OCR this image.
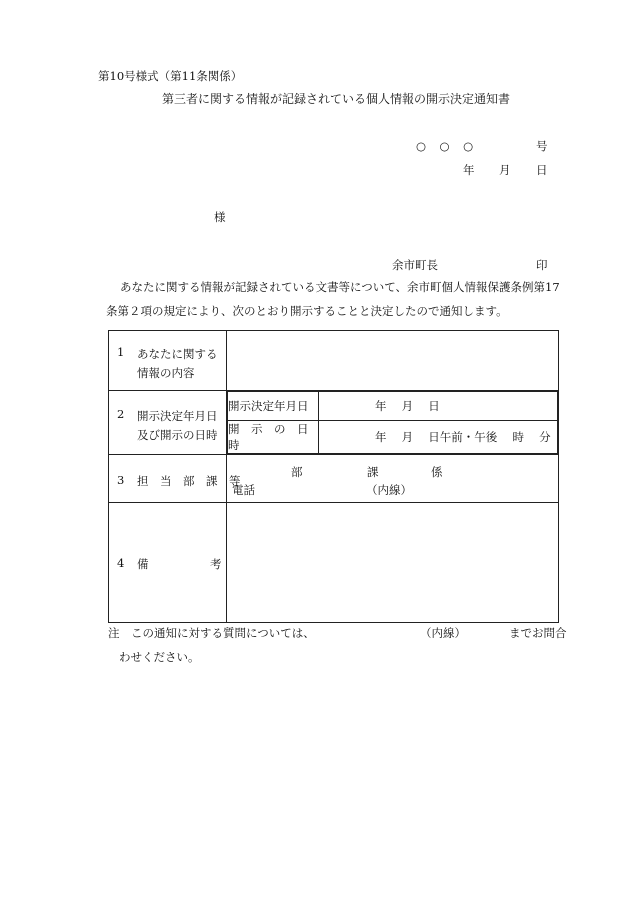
第10号様式（第11条関係）
第三者に関する情報が記録されている個人情報の開示決定通知書
○　○　○	号
年 月 日
様
余市町長	印
あなたに関する情報が記録されている文書等について、余市町個人情報保護条例第17
条第２項の規定により、次のとおり開示することと決定したので通知します。
1 あなたに関する
情報の内容

2 開示決定年月日
及び開示の日時

開示決定年月日	年　 月　 日
開　示　の　日　時	年　 月　 日午前・午後　 時　 分

3 担　当　部　課　等

部	課	係
電話	（内線）

4 備	考

注 この通知に対する質問については、	（内線）	までお問合
わせください。
